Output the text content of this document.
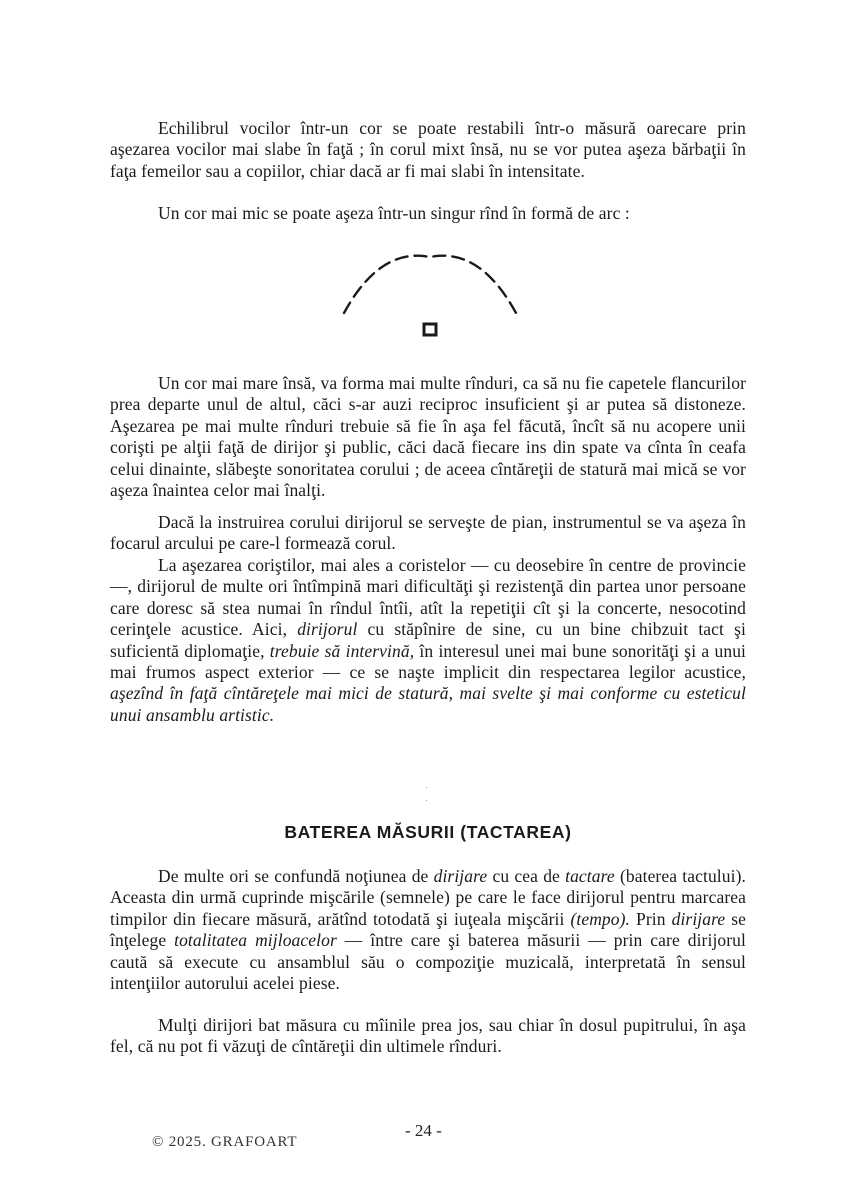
Echilibrul vocilor într-un cor se poate restabili într-o măsură oarecare prin aşezarea vocilor mai slabe în faţă ; în corul mixt însă, nu se vor putea aşeza bărbaţii în faţa femeilor sau a copiilor, chiar dacă ar fi mai slabi în intensitate.

Un cor mai mic se poate aşeza într-un singur rînd în formă de arc :

Un cor mai mare însă, va forma mai multe rînduri, ca să nu fie capetele flancurilor prea departe unul de altul, căci s-ar auzi reciproc insuficient şi ar putea să distoneze. Aşezarea pe mai multe rînduri trebuie să fie în aşa fel făcută, încît să nu acopere unii corişti pe alţii faţă de dirijor şi public, căci dacă fiecare ins din spate va cînta în ceafa celui dinainte, slăbeşte sonoritatea corului ; de aceea cîntăreţii de statură mai mică se vor aşeza înaintea celor mai înalţi.

Dacă la instruirea corului dirijorul se serveşte de pian, instrumentul se va aşeza în focarul arcului pe care-l formează corul.

La aşezarea coriştilor, mai ales a coristelor — cu deosebire în centre de provincie —, dirijorul de multe ori întîmpină mari dificultăţi şi rezistenţă din partea unor persoane care doresc să stea numai în rîndul întîi, atît la repetiţii cît şi la concerte, nesocotind cerinţele acustice. Aici, dirijorul cu stăpînire de sine, cu un bine chibzuit tact şi suficientă diplomaţie, trebuie să intervină, în interesul unei mai bune sonorităţi şi a unui mai frumos aspect exterior — ce se naşte implicit din respectarea legilor acustice, aşezînd în faţă cîntăreţele mai mici de statură, mai svelte şi mai conforme cu esteticul unui ansamblu artistic.

BATEREA MĂSURII (TACTAREA)

De multe ori se confundă noţiunea de dirijare cu cea de tactare (baterea tactului). Aceasta din urmă cuprinde mişcările (semnele) pe care le face dirijorul pentru marcarea timpilor din fiecare măsură, arătînd totodată şi iuţeala mişcării (tempo). Prin dirijare se înţelege totalitatea mijloacelor — între care şi baterea măsurii — prin care dirijorul caută să execute cu ansamblul său o compoziţie muzicală, interpretată în sensul intenţiilor autorului acelei piese.

Mulţi dirijori bat măsura cu mîinile prea jos, sau chiar în dosul pupitrului, în aşa fel, că nu pot fi văzuţi de cîntăreţii din ultimele rînduri.

- 24 -
© 2025. GRAFOART
